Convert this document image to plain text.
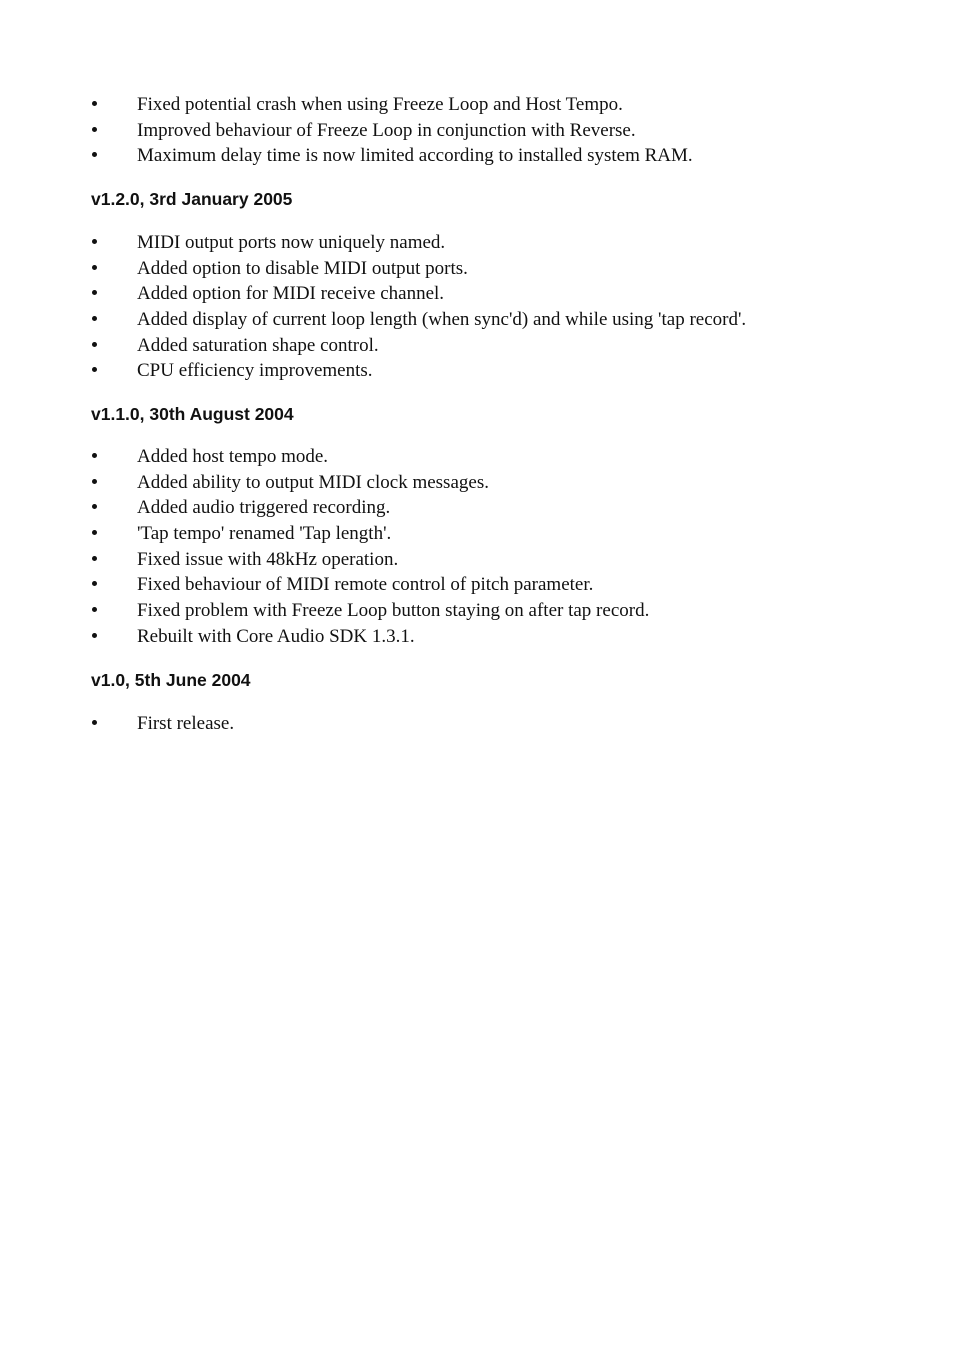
Fixed potential crash when using Freeze Loop and Host Tempo.
Improved behaviour of Freeze Loop in conjunction with Reverse.
Maximum delay time is now limited according to installed system RAM.
v1.2.0, 3rd January 2005
MIDI output ports now uniquely named.
Added option to disable MIDI output ports.
Added option for MIDI receive channel.
Added display of current loop length (when sync'd) and while using 'tap record'.
Added saturation shape control.
CPU efficiency improvements.
v1.1.0, 30th August 2004
Added host tempo mode.
Added ability to output MIDI clock messages.
Added audio triggered recording.
'Tap tempo' renamed 'Tap length'.
Fixed issue with 48kHz operation.
Fixed behaviour of MIDI remote control of pitch parameter.
Fixed problem with Freeze Loop button staying on after tap record.
Rebuilt with Core Audio SDK 1.3.1.
v1.0, 5th June 2004
First release.
